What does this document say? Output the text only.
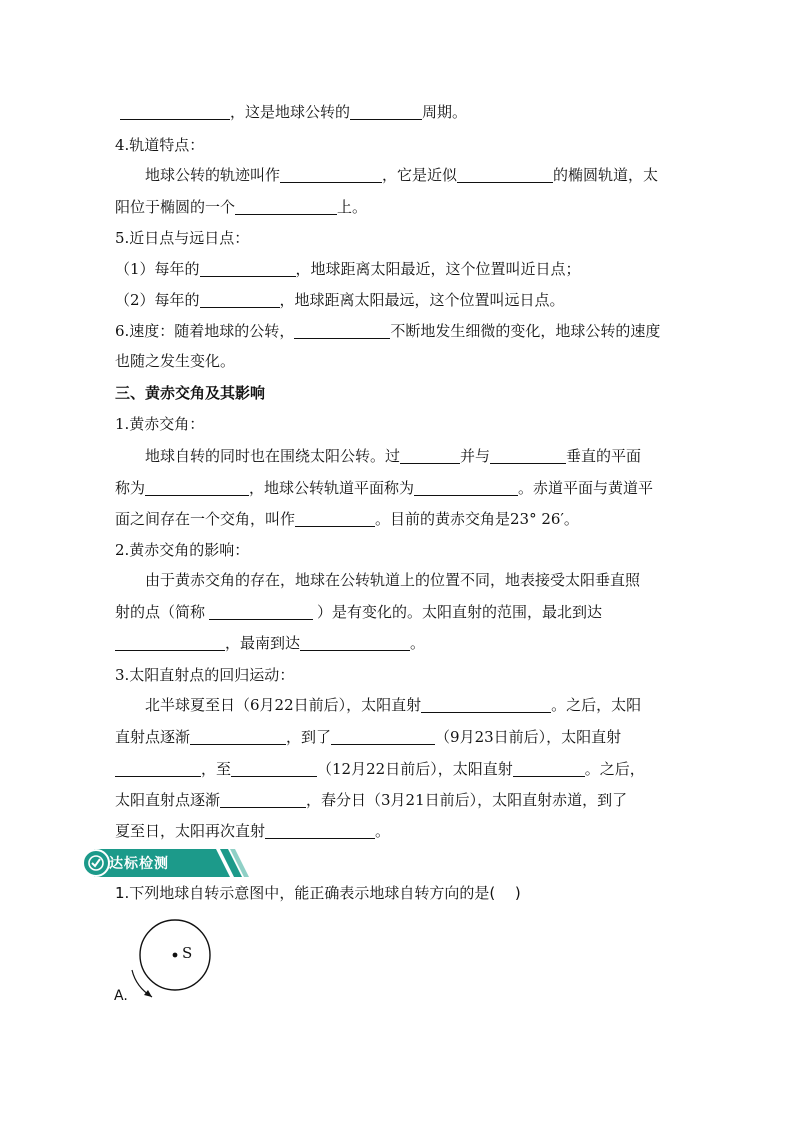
，这是地球公转的	周期。
4.轨道特点：
地球公转的轨迹叫作	，它是近似	的椭圆轨道，太
阳位于椭圆的一个	上。
5.近日点与远日点：
（1）每年的	，地球距离太阳最近，这个位置叫近日点；
（2）每年的	，地球距离太阳最远，这个位置叫远日点。
6.速度：随着地球的公转，	不断地发生细微的变化，地球公转的速度
也随之发生变化。
三、黄赤交角及其影响
1.黄赤交角：
地球自转的同时也在围绕太阳公转。过	并与	垂直的平面
称为	，地球公转轨道平面称为	。赤道平面与黄道平
面之间存在一个交角，叫作	。目前的黄赤交角是23° 26′。
2.黄赤交角的影响：
由于黄赤交角的存在，地球在公转轨道上的位置不同，地表接受太阳垂直照
射的点（简称	）是有变化的。太阳直射的范围，最北到达
，最南到达	。
3.太阳直射点的回归运动：
北半球夏至日（6月22日前后），太阳直射	。之后，太阳
直射点逐渐	，到了	（9月23日前后），太阳直射
，至	（12月22日前后），太阳直射	。之后，
太阳直射点逐渐	，春分日（3月21日前后），太阳直射赤道，到了
夏至日，太阳再次直射	。
达标检测
1.下列地球自转示意图中，能正确表示地球自转方向的是(　 )
S
A.
